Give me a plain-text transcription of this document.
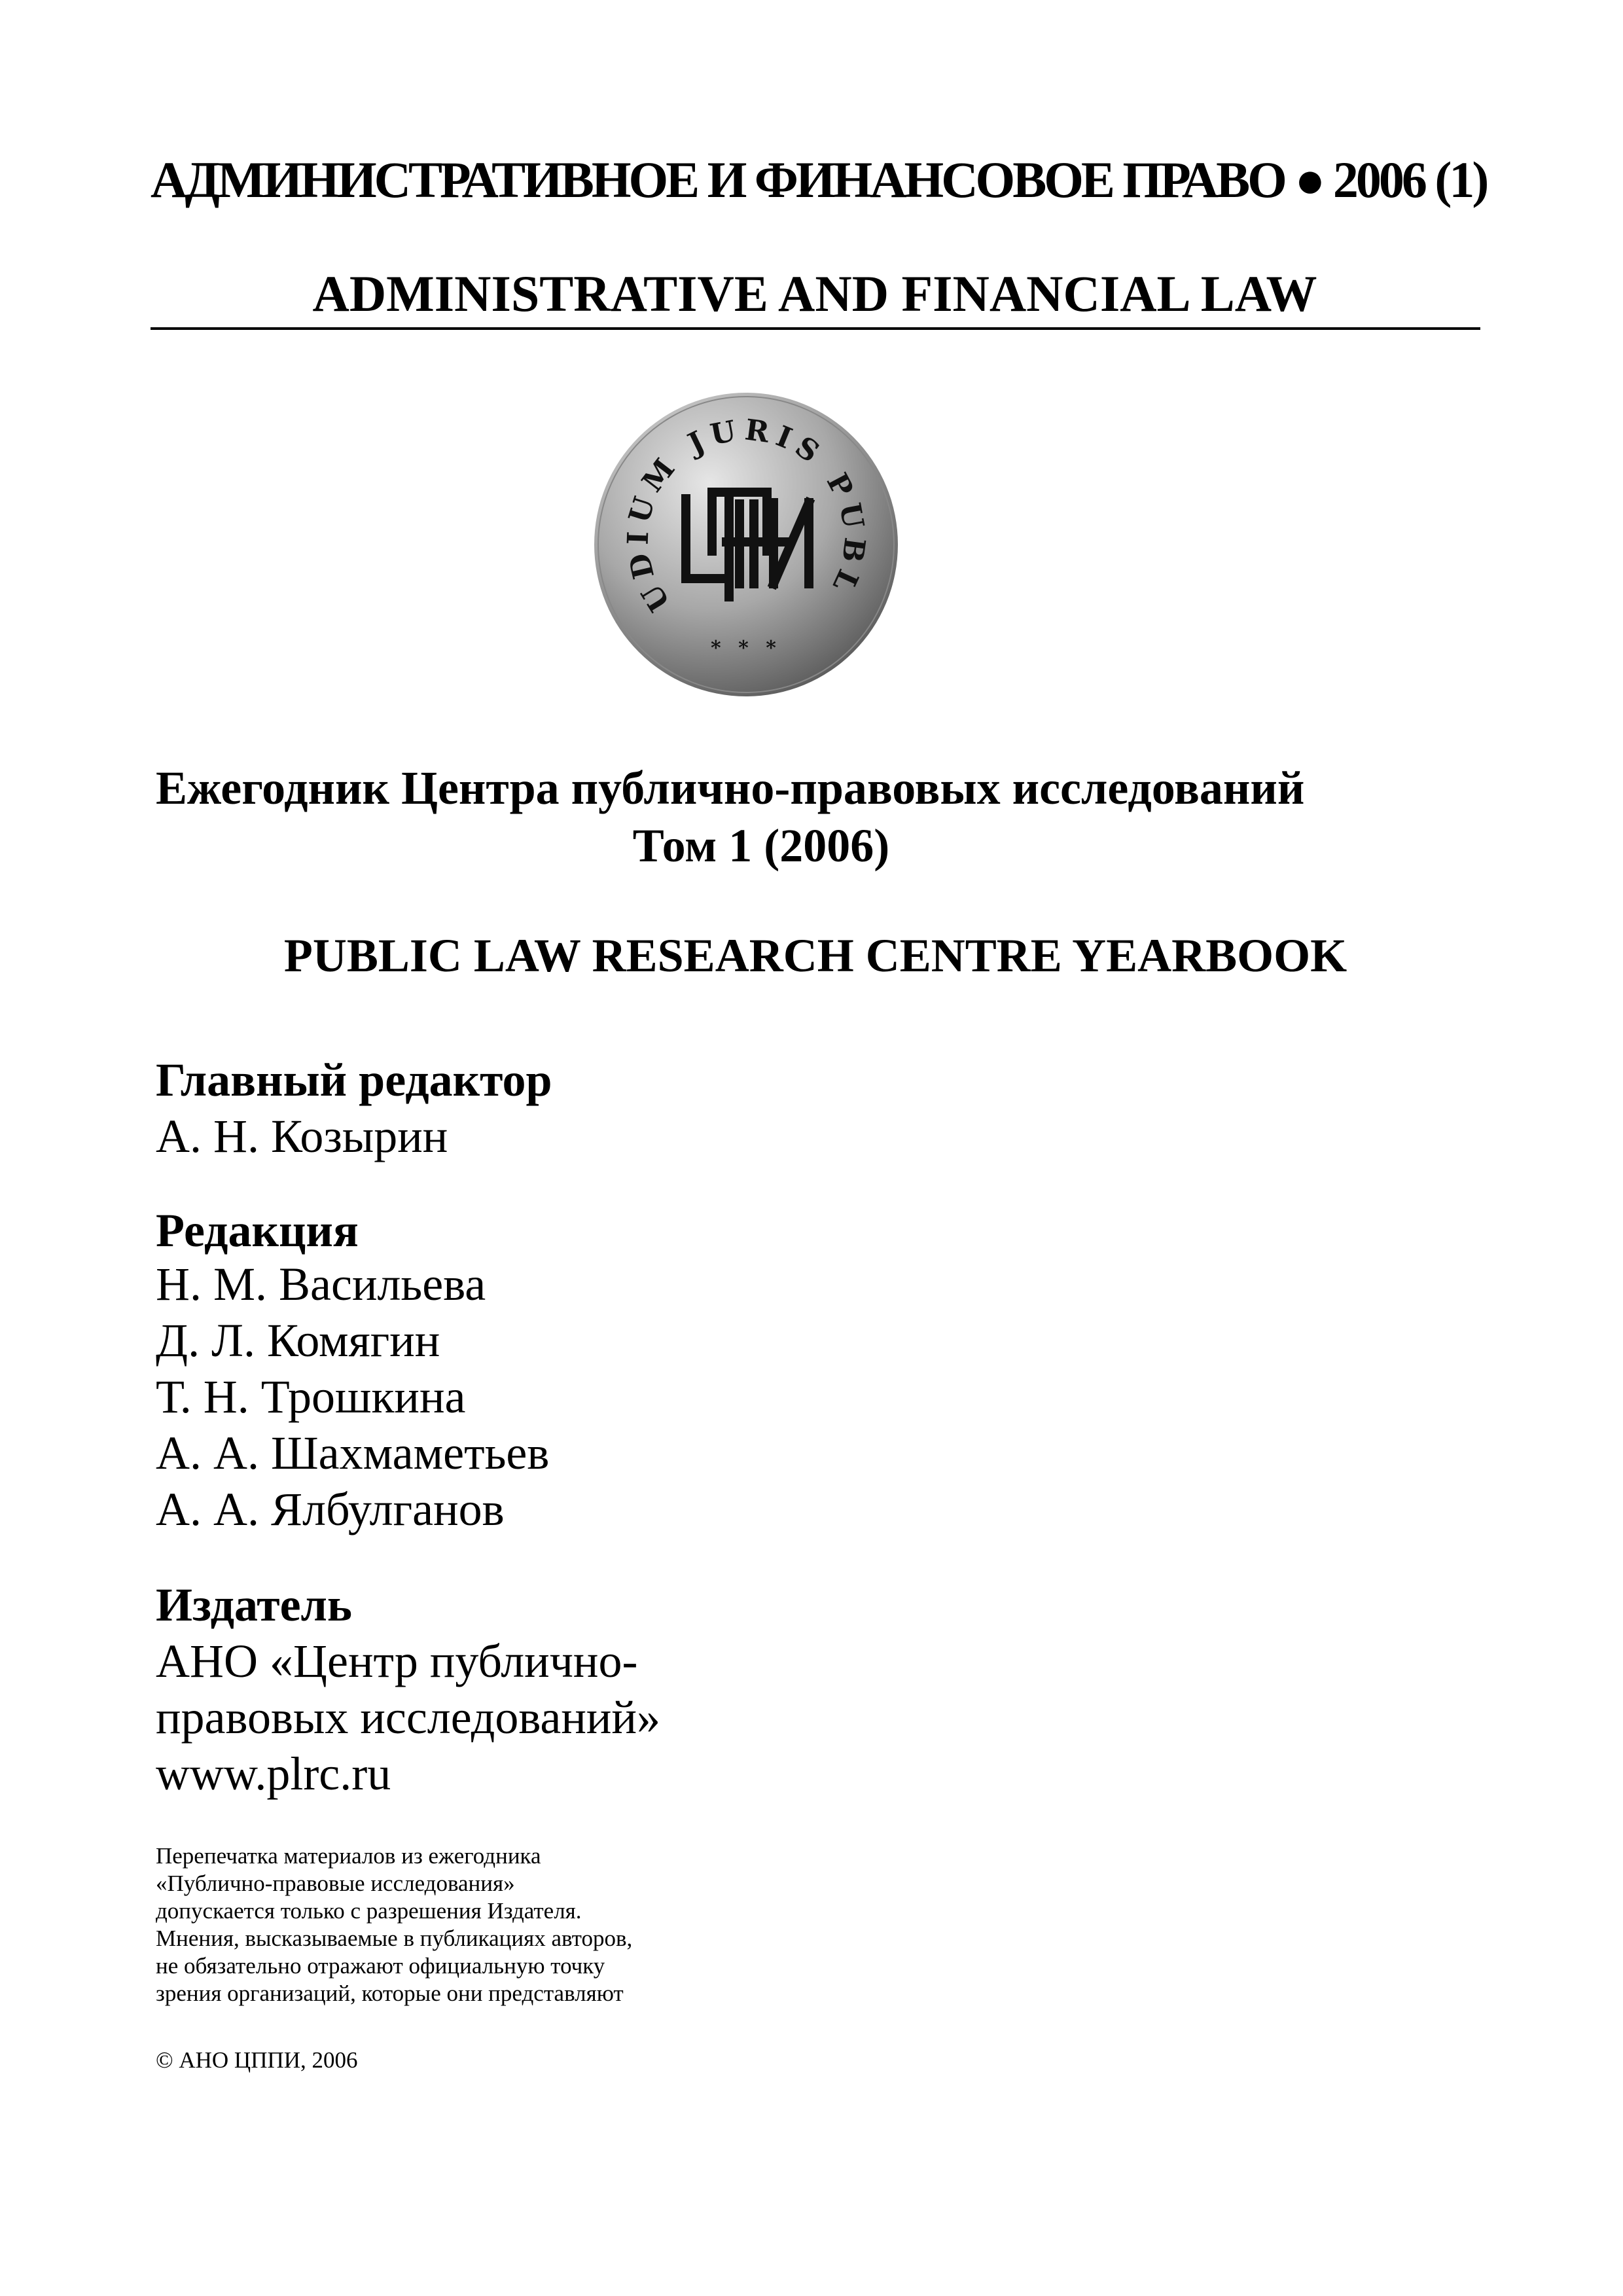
АДМИНИСТРАТИВНОЕ И ФИНАНСОВОЕ ПРАВО ● 2006 (1)
ADMINISTRATIVE AND FINANCIAL LAW
UDIUM JURIS PUBL
* * *
Ежегодник Центра публично-правовых исследований
Том 1 (2006)
PUBLIC LAW RESEARCH CENTRE YEARBOOK
Главный редактор
А. Н. Козырин
Редакция
Н. М. Васильева
Д. Л. Комягин
Т. Н. Трошкина
А. А. Шахмаметьев
А. А. Ялбулганов
Издатель
АНО «Центр публично-
правовых исследований»
www.plrc.ru
Перепечатка материалов из ежегодника
«Публично-правовые исследования»
допускается только с разрешения Издателя.
Мнения, высказываемые в публикациях авторов,
не обязательно отражают официальную точку
зрения организаций, которые они представляют
© АНО ЦППИ, 2006
